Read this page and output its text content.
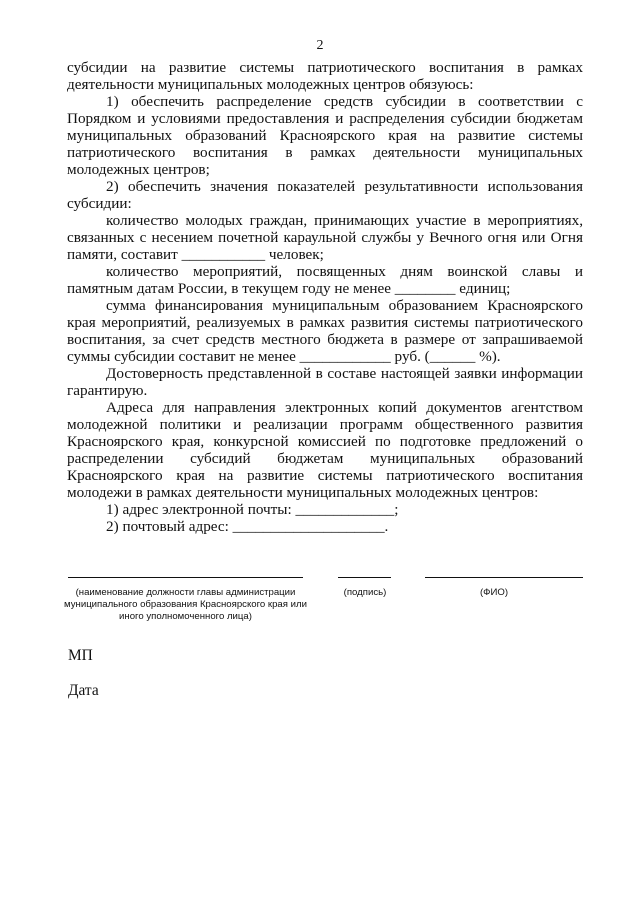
2

субсидии на развитие системы патриотического воспитания в рамках деятельности муниципальных молодежных центров обязуюсь:

1) обеспечить распределение средств субсидии в соответствии с Порядком и условиями предоставления и распределения субсидии бюджетам муниципальных образований Красноярского края на развитие системы патриотического воспитания в рамках деятельности муниципальных молодежных центров;

2) обеспечить значения показателей результативности использования субсидии:

количество молодых граждан, принимающих участие в мероприятиях, связанных с несением почетной караульной службы у Вечного огня или Огня памяти, составит ___________ человек;

количество мероприятий, посвященных дням воинской славы и памятным датам России, в текущем году не менее ________ единиц;

сумма финансирования муниципальным образованием Красноярского края мероприятий, реализуемых в рамках развития системы патриотического воспитания, за счет средств местного бюджета в размере от запрашиваемой суммы субсидии составит не менее ____________ руб. (______ %).

Достоверность представленной в составе настоящей заявки информации гарантирую.

Адреса для направления электронных копий документов агентством молодежной политики и реализации программ общественного развития Красноярского края, конкурсной комиссией по подготовке предложений о распределении субсидий бюджетам муниципальных образований Красноярского края на развитие системы патриотического воспитания молодежи в рамках деятельности муниципальных молодежных центров:

1) адрес электронной почты: _____________;

2) почтовый адрес: ____________________.

(наименование должности главы администрации муниципального образования Красноярского края или иного уполномоченного лица)
(подпись)	(ФИО)
МП
Дата
